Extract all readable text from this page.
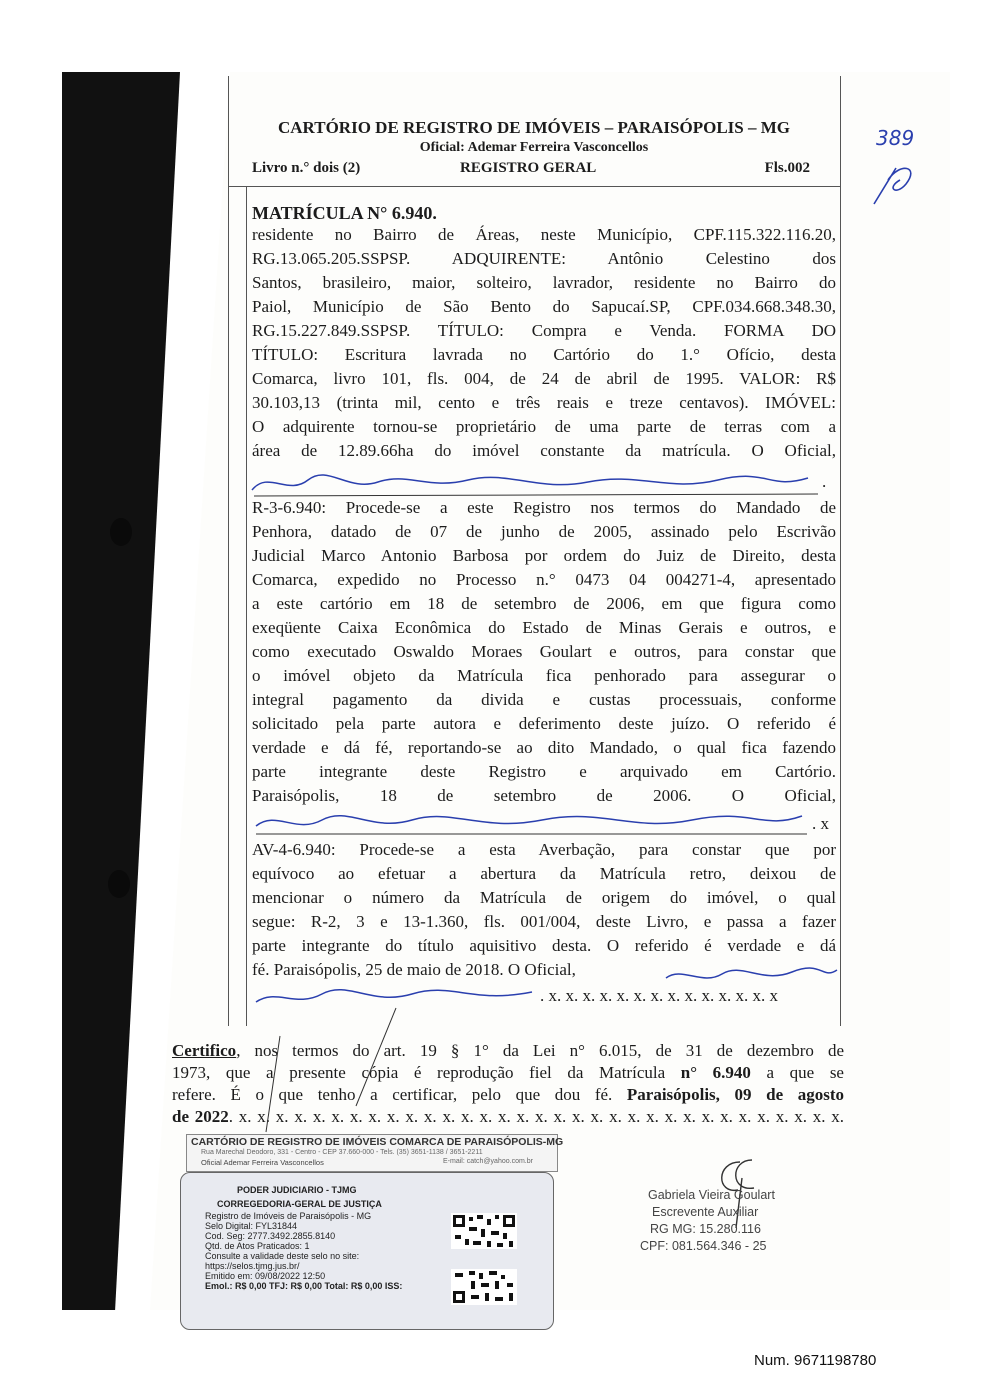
CARTÓRIO DE REGISTRO DE IMÓVEIS – PARAISÓPOLIS – MG
Oficial: Ademar Ferreira Vasconcellos
Livro n.° dois (2)	REGISTRO GERAL	Fls.002
389
MATRÍCULA N° 6.940.
residente no Bairro de Áreas, neste Município, CPF.115.322.116.20,
RG.13.065.205.SSPSP. ADQUIRENTE: Antônio Celestino dos
Santos, brasileiro, maior, solteiro, lavrador, residente no Bairro do
Paiol, Município de São Bento do Sapucaí.SP, CPF.034.668.348.30,
RG.15.227.849.SSPSP. TÍTULO: Compra e Venda. FORMA DO
TÍTULO: Escritura lavrada no Cartório do 1.° Ofício, desta
Comarca, livro 101, fls. 004, de 24 de abril de 1995. VALOR: R$
30.103,13 (trinta mil, cento e três reais e treze centavos). IMÓVEL:
O adquirente tornou-se proprietário de uma parte de terras com a
área de 12.89.66ha do imóvel constante da matrícula. O Oficial,
.
R-3-6.940: Procede-se a este Registro nos termos do Mandado de
Penhora, datado de 07 de junho de 2005, assinado pelo Escrivão
Judicial Marco Antonio Barbosa por ordem do Juiz de Direito, desta
Comarca, expedido no Processo n.° 0473 04 004271-4, apresentado
a este cartório em 18 de setembro de 2006, em que figura como
exeqüente Caixa Econômica do Estado de Minas Gerais e outros, e
como executado Oswaldo Moraes Goulart e outros, para constar que
o imóvel objeto da Matrícula fica penhorado para assegurar o
integral pagamento da divida e custas processuais, conforme
solicitado pela parte autora e deferimento deste juízo. O referido é
verdade e dá fé, reportando-se ao dito Mandado, o qual fica fazendo
parte integrante deste Registro e arquivado em Cartório.
Paraisópolis, 18 de setembro de 2006. O Oficial,
. x
AV-4-6.940: Procede-se a esta Averbação, para constar que por
equívoco ao efetuar a abertura da Matrícula retro, deixou de
mencionar o número da Matrícula de origem do imóvel, o qual
segue: R-2, 3 e 13-1.360, fls. 001/004, deste Livro, e passa a fazer
parte integrante do título aquisitivo desta. O referido é verdade e dá
fé. Paraisópolis, 25 de maio de 2018. O Oficial,
. x. x. x. x. x. x. x. x. x. x. x. x. x. x
Certifico, nos termos do art. 19 § 1° da Lei n° 6.015, de 31 de dezembro de
1973, que a presente cópia é reprodução fiel da Matrícula n° 6.940 a que se
refere. É o que tenho a certificar, pelo que dou fé. Paraisópolis, 09 de agosto
de 2022. x. x. x. x. x. x. x. x. x. x. x. x. x. x. x. x. x. x. x. x. x. x. x. x. x. x. x. x. x. x. x. x. x.
CARTÓRIO DE REGISTRO DE IMÓVEIS COMARCA DE PARAISÓPOLIS-MG
Rua Marechal Deodoro, 331 - Centro - CEP 37.660-000 - Tels. (35) 3651-1138 / 3651-2211
Oficial Ademar Ferreira Vasconcellos	E-mail: catch@yahoo.com.br
PODER JUDICIARIO - TJMG
CORREGEDORIA-GERAL DE JUSTIÇA
Registro de Imóveis de Paraisópolis - MG
Selo Digital: FYL31844
Cod. Seg: 2777.3492.2855.8140
Qtd. de Atos Praticados: 1
Consulte a validade deste selo no site:
https://selos.tjmg.jus.br/
Emitido em: 09/08/2022 12:50
Emol.: R$ 0,00 TFJ: R$ 0,00 Total: R$ 0,00 ISS:
Gabriela Vieira Goulart
Escrevente Auxiliar
RG MG: 15.280.116
CPF: 081.564.346 - 25
Num. 9671198780
